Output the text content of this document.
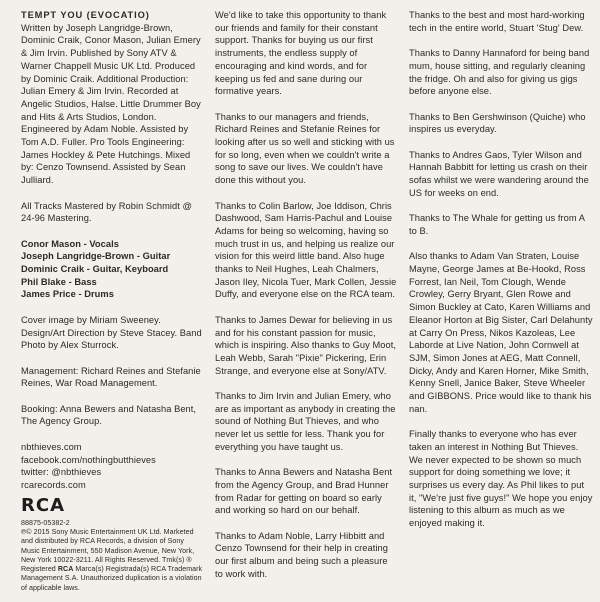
TEMPT YOU (EVOCATIO)

Written by Joseph Langridge-Brown, Dominic Craik, Conor Mason, Julian Emery & Jim Irvin. Published by Sony ATV & Warner Chappell Music UK Ltd. Produced by Dominic Craik. Additional Production: Julian Emery & Jim Irvin. Recorded at Angelic Studios, Halse. Little Drummer Boy and Hits & Arts Studios, London. Engineered by Adam Noble. Assisted by Tom A.D. Fuller. Pro Tools Engineering: James Hockley & Pete Hutchings. Mixed by: Cenzo Townsend. Assisted by Sean Julliard.

All Tracks Mastered by Robin Schmidt @ 24-96 Mastering.

Conor Mason - Vocals

Joseph Langridge-Brown - Guitar

Dominic Craik - Guitar, Keyboard

Phil Blake - Bass

James Price - Drums

Cover image by Miriam Sweeney. Design/Art Direction by Steve Stacey. Band Photo by Alex Sturrock.

Management: Richard Reines and Stefanie Reines, War Road Management.

Booking: Anna Bewers and Natasha Bent, The Agency Group.

nbthieves.com

facebook.com/nothingbutthieves

twitter: @nbthieves

rcarecords.com

RCA

88875-05382-2

℗© 2015 Sony Music Entertainment UK Ltd. Marketed and distributed by RCA Records, a division of Sony Music Entertainment, 550 Madison Avenue, New York, New York 10022-3211. All Rights Reserved. Tmk(s) ® Registered RCA Marca(s) Registrada(s) RCA Trademark Management S.A. Unauthorized duplication is a violation of applicable laws.

We'd like to take this opportunity to thank our friends and family for their constant support. Thanks for buying us our first instruments, the endless supply of encouraging and kind words, and for keeping us fed and sane during our formative years.

Thanks to our managers and friends, Richard Reines and Stefanie Reines for looking after us so well and sticking with us for so long, even when we couldn't write a song to save our lives. We couldn't have done this without you.

Thanks to Colin Barlow, Joe Iddison, Chris Dashwood, Sam Harris-Pachul and Louise Adams for being so welcoming, having so much trust in us, and helping us realize our vision for this weird little band. Also huge thanks to Neil Hughes, Leah Chalmers, Jason Iley, Nicola Tuer, Mark Collen, Jessie Duffy, and everyone else on the RCA team.

Thanks to James Dewar for believing in us and for his constant passion for music, which is inspiring. Also thanks to Guy Moot, Leah Webb, Sarah "Pixie" Pickering, Erin Strange, and everyone else at Sony/ATV.

Thanks to Jim Irvin and Julian Emery, who are as important as anybody in creating the sound of Nothing But Thieves, and who never let us settle for less. Thank you for everything you have taught us.

Thanks to Anna Bewers and Natasha Bent from the Agency Group, and Brad Hunner from Radar for getting on board so early and working so hard on our behalf.

Thanks to Adam Noble, Larry Hibbitt and Cenzo Townsend for their help in creating our first album and being such a pleasure to work with.

Thanks to the best and most hard-working tech in the entire world, Stuart 'Stug' Dew.

Thanks to Danny Hannaford for being band mum, house sitting, and regularly cleaning the fridge. Oh and also for giving us gigs before anyone else.

Thanks to Ben Gershwinson (Quiche) who inspires us everyday.

Thanks to Andres Gaos, Tyler Wilson and Hannah Babbitt for letting us crash on their sofas whilst we were wandering around the US for weeks on end.

Thanks to The Whale for getting us from A to B.

Also thanks to Adam Van Straten, Louise Mayne, George James at Be-Hookd, Ross Forrest, Ian Neil, Tom Clough, Wende Crowley, Gerry Bryant, Glen Rowe and Simon Buckley at Cato, Karen Williams and Eleanor Horton at Big Sister, Carl Delahunty at Carry On Press, Nikos Kazoleas, Lee Laborde at Live Nation, John Cornwell at SJM, Simon Jones at AEG, Matt Connell, Dicky, Andy and Karen Horner, Mike Smith, Kenny Snell, Janice Baker, Steve Wheeler and GIBBONS. Price would like to thank his nan.

Finally thanks to everyone who has ever taken an interest in Nothing But Thieves. We never expected to be shown so much support for doing something we love; it surprises us every day. As Phil likes to put it, "We're just five guys!" We hope you enjoy listening to this album as much as we enjoyed making it.
